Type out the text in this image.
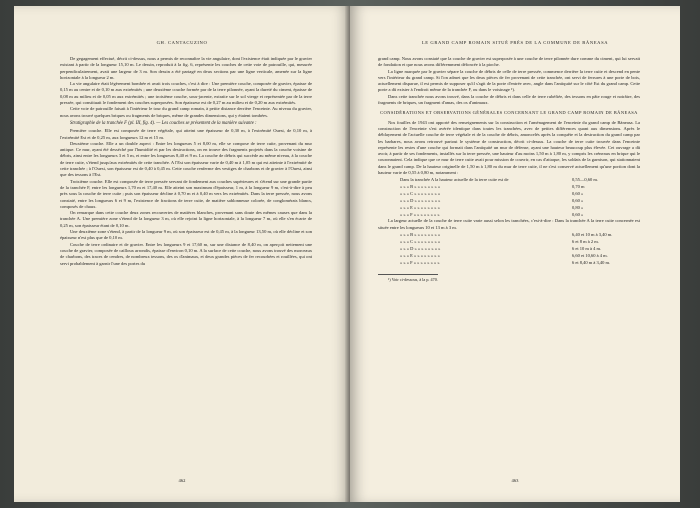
GH. CANTACUZINO

De gegagement effectué, décrit ci-dessus, nous a permis de reconnaître la vie angulaire, dont l'existence était indiquée par le gravier existant à partir de la longueur 15,10 m. Le dessin, reproduit à la fig. 6, représente les couches de cette voie de patrouille, qui, mesurée perpendiculairement, avait une largeur de 3 m. Son dessin a été partagé en deux sections par une ligne verticale, amenée sur la ligne horizontale à la longueur 2 m.

La vie angulaire était légèrement bombée et avait trois couches, c'est à dire : Une première couche, composée de gravier, épaisse de 0,15 m au centre et de 0,10 m aux extrémités ; une deuxième couche formée par de la terre pilonnée, ayant la dureté du ciment, épaisse de 0,08 m au milieu et de 0,05 m aux extrémités ; une troisième couche, sous-jacente, extraite sur le sol vierge et représentée par de la terre pressée, qui constituait le fondement des couches superposées. Son épaisseur est de 0,27 m au milieu et de 0,20 m aux extrémités.

Cette voie de patrouille faisait à l'intérieur le tour du grand camp romain, à petite distance derrière l'enceinte. Au niveau du gravier, nous avons trouvé quelques briques ou fragments de briques, même de grandes dimensions, qui y étaient tombées.

Stratigraphie de la tranchée F (pl. III, fig. 4). — Les couches se présentent de la manière suivante :

Première couche. Elle est composée de terre végétale, qui atteint une épaisseur de 0,30 m, à l'extrémité Ouest, de 0,10 m, à l'extrémité Est et de 0,25 m, aux longueurs 12 m et 15 m.

Deuxième couche. Elle a un double aspect : Entre les longueurs 5 et 8,00 m, elle se compose de terre cuite, provenant du mur antique. Ce mur, ayant été desséché par l'humidité et par les destructions, on en trouve des fragments projetés dans la couche voisine de débris, ainsi entre les longueurs 3 et 5 m, et entre les longueurs 8,40 et 9 m. La couche de débris qui succède au même niveau, à la couche de terre cuite, s'étend jusqu'aux extrémités de cette tranchée. A l'Est son épaisseur varie de 0,40 m à 1,05 m qui est atteinte à l'extrémité de cette tranchée ; à l'Ouest, son épaisseur est de 0,40 à 0,45 m. Cette couche renferme des vestiges de charbons et de gravier à l'Ouest, ainsi que des tessons à l'Est.

Troisième couche. Elle est composée de terre pressée servant de fondement aux couches supérieures et s'étend sur une grande partie de la tranchée F, entre les longueurs 1,70 m et 17,40 m. Elle atteint son maximum d'épaisseur, 1 m, à la longueur 9 m, c'est-à-dire à peu près sous la couche de terre cuite ; puis son épaisseur décline à 0,70 m et à 0,40 m vers les extrémités. Dans la terre pressée, nous avons constaté, entre les longueurs 6 et 9 m, l'existence de fractions de terre cuite, de matière sablonneuse colorée, de conglomérats blancs, composés de chaux.

On remarque dans cette couche deux zones recouvertes de matières blanches, provenant sans doute des mêmes causes que dans la tranchée A. Une première zone s'étend de la longueur 3 m, où elle rejoint la ligne horizontale, à la longueur 7 m, où elle s'en écarte de 0,25 m, son épaisseur étant de 0,10 m.

Une deuxième zone s'étend, à partir de la longueur 9 m, où son épaisseur est de 0,45 m, à la longueur 13,50 m, où elle décline et son épaisseur n'est plus que de 0,10 m.

Couche de terre ordinaire et de gravier. Entre les longueurs 9 et 17,60 m, sur une distance de 8,40 m, on aperçoit nettement une couche de gravier, composée de cailloux arrondis, épaisse d'environ 0,10 m. A la surface de cette couche, nous avons trouvé des morceaux de charbons, des traces de cendres, de nombreux tessons, des os d'animaux, et deux grandes pièces de fer recourbées et rouillées, qui ont servi probablement à garnir l'une des portes du

462
LE GRAND CAMP ROMAIN SITUÉ PRÈS DE LA COMMUNE DE BĂNEASA

grand camp. Nous avons constaté que la couche de gravier est superposée à une couche de terre pilonnée dure comme du ciment, qui lui servait de fondation et que nous avons différemment défoncée à la pioche.

La ligne marquée par le gravier sépare la couche de débris de celle de terre pressée, commence derrière la terre cuite et descend en pente vers l'intérieur du grand camp. Si l'on admet que les deux pièces de fer provenant de cette tranchée, ont servi de ferrures à une porte de bois, actuellement disparue, il est permis de supposer qu'il s'agit de la porte d'entrée avec, angle dans l'antiquité sur le côté Est du grand camp. Cette porte a dû exister à l'endroit même de la tranchée F, ou dans le voisinage ¹).

Dans cette tranchée nous avons trouvé, dans la couche de débris et dans celle de terre rubéfiée, des tessons en pâte rouge et noirâtre, des fragments de briques, un fragment d'amas, des os d'animaux.

CONSIDÉRATIONS ET OBSERVATIONS GÉNÉRALES CONCERNANT LE GRAND CAMP ROMAIN DE BĂNEASA

Nos fouilles de 1943 ont apporté des renseignements sur la construction et l'aménagement de l'enceinte du grand camp de Băneasa. La construction de l'enceinte s'est avérée identique dans toutes les tranchées, avec de petites différences quant aux dimensions. Après le déblayement de l'actuelle couche de terre végétale et de la couche de débris, amoncelés après la conquête et la destruction du grand camp par les barbares, nous avons retrouvé partout le système de construction, décrit ci-dessus. La couche de terre cuite trouvée dans l'enceinte représente les restes d'une couche qui formait dans l'antiquité un mur de défense, ayant une hauteur beaucoup plus élevée. Cet ouvrage a dû avoir, à partir de ses fondements, installés sur la terre pressée, une hauteur d'au moins 1,50 m à 1,80 m, y compris les créneaux en brique qui le couronnaient. Cela indique que ce mur de terre cuite avait pour mission de couvrir, en cas d'attaque, les soldats de la garnison, qui stationnaient dans le grand camp. De la hauteur originelle de 1,50 m à 1,80 m du mur de terre cuite, il ne s'est conservé actuellement qu'une portion dont la hauteur varie de 0,55 à 0,80 m, notamment :

Dans la tranchée A la hauteur actuelle de la terre cuite est de	0,55—0,60 m.
» » » B » » » » » » » »	0,70 m
» » » C » » » » » » » »	0,60 »
» » » D » » » » » » » »	0,60 »
» » » E » » » » » » » »	0,80 »
» » » F » » » » » » » »	0,60 »

La largeur actuelle de la couche de terre cuite varie aussi selon les tranchées, c'est-à-dire : Dans la tranchée A la terre cuite concernée est située entre les longueurs 10 et 13 m à 3 m.

» » » B » » » » » » » »	6,40 et 10 m à 3,40 m.
» » » C » » » » » » » »	6 et 8 m à 2 m.
» » » D » » » » » » » »	6 et 10 m à 4 m.
» » » E » » » » » » » »	6,60 et 10,60 à 4 m.
» » » F » » » » » » » »	6 et 8,40 m à 3,40 m.

¹) Voir ci-dessous, à la p. 470.

463
